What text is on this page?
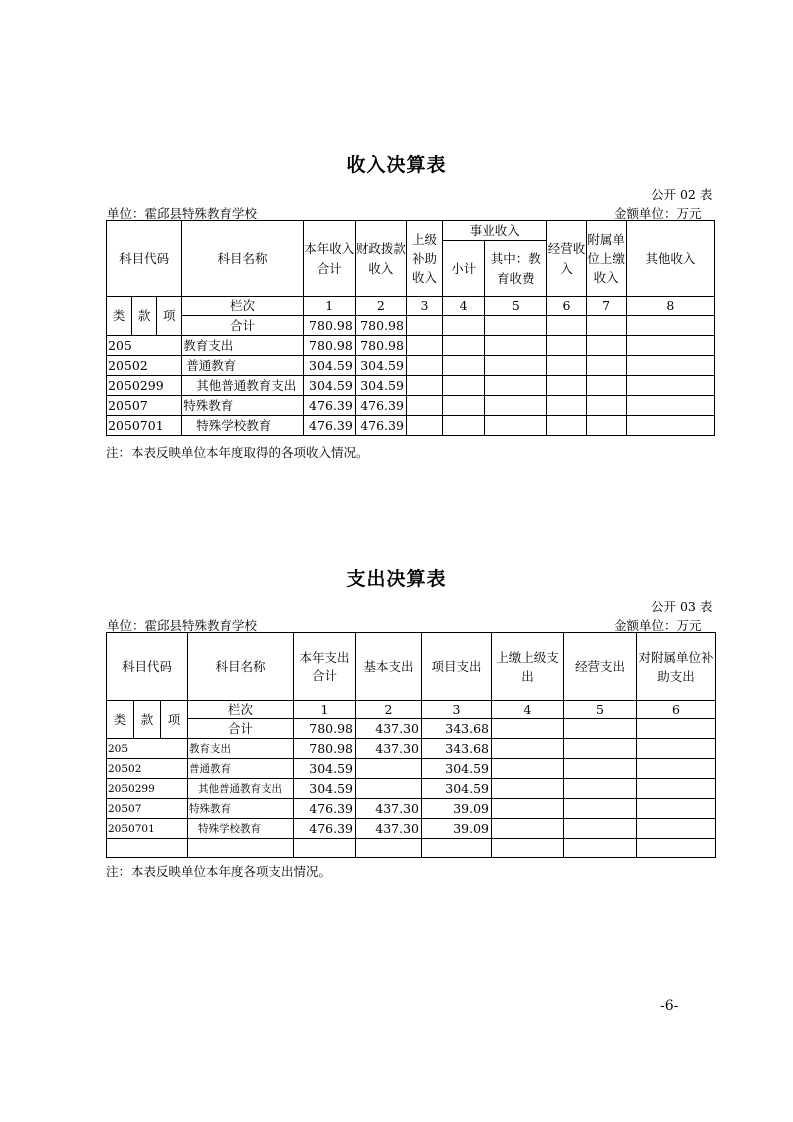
收入决算表
公开 02 表
单位：霍邱县特殊教育学校	金额单位：万元
科目代码			科目名称	本年收入合计	财政拨款收入	上级补助收入	事业收入		经营收入	附属单位上缴收入	其他收入
							小计	其中：教育收费			
类	款	项	栏次	1	2	3	4	5	6	7	8
			合计	780.98	780.98						
205			教育支出	780.98	780.98						
20502			普通教育	304.59	304.59						
2050299			其他普通教育支出	304.59	304.59						
20507			特殊教育	476.39	476.39						
2050701			特殊学校教育	476.39	476.39						
注：本表反映单位本年度取得的各项收入情况。
支出决算表
公开 03 表
单位：霍邱县特殊教育学校	金额单位：万元
科目代码			科目名称	本年支出合计	基本支出	项目支出	上缴上级支出	经营支出	对附属单位补助支出
类	款	项	栏次	1	2	3	4	5	6
			合计	780.98	437.30	343.68			
205			教育支出	780.98	437.30	343.68			
20502			普通教育	304.59		304.59			
2050299			其他普通教育支出	304.59		304.59			
20507			特殊教育	476.39	437.30	39.09			
2050701			特殊学校教育	476.39	437.30	39.09			

注：本表反映单位本年度各项支出情况。
-6-
